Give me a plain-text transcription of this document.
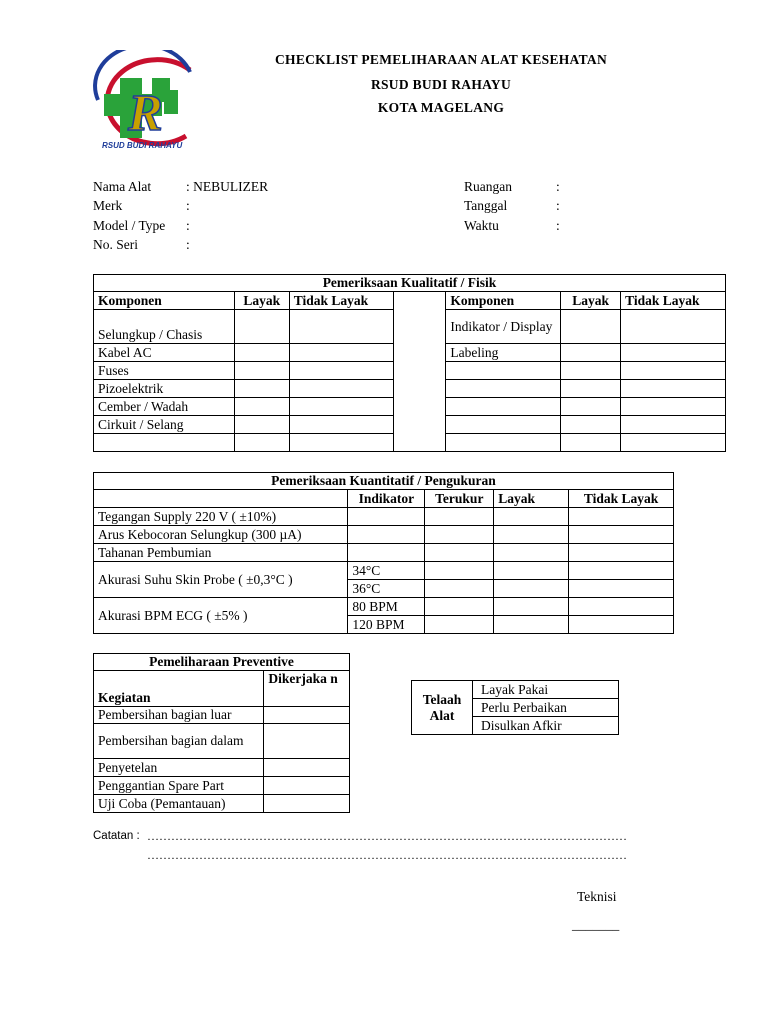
R
RSUD BUDI RAHAYU
CHECKLIST PEMELIHARAAN ALAT KESEHATAN
RSUD BUDI RAHAYU
KOTA MAGELANG
Nama Alat	: NEBULIZER
Merk	:
Model / Type :
No. Seri	:
Ruangan	:
Tanggal	:
Waktu	:
Pemeriksaan Kualitatif / Fisik						
Komponen	Layak	Tidak Layak		Komponen	Layak	Tidak Layak
Selungkup / Chasis				Indikator / Display		
Kabel AC				Labeling		
Fuses						
Pizoelektrik						
Cember / Wadah						
Cirkuit / Selang						

Pemeriksaan Kuantitatif / Pengukuran				
	Indikator	Terukur	Layak	Tidak Layak
Tegangan Supply 220 V ( ±10%)				
Arus Kebocoran Selungkup (300 µA)				
Tahanan Pembumian				
Akurasi Suhu Skin Probe ( ±0,3°C )	34°C			
	36°C			
Akurasi BPM ECG ( ±5% )	80 BPM			
	120 BPM			
Pemeliharaan Preventive	
Kegiatan	Dikerjaka n
Pembersihan bagian luar	
Pembersihan bagian dalam	
Penyetelan	
Penggantian Spare Part	
Uji Coba (Pemantauan)	
Telaah Alat	Layak Pakai
Perlu Perbaikan
Disulkan Afkir
Catatan : …………………………………………………………………………………………………………
…………………………………………………………………………………………………………
Teknisi
_______
